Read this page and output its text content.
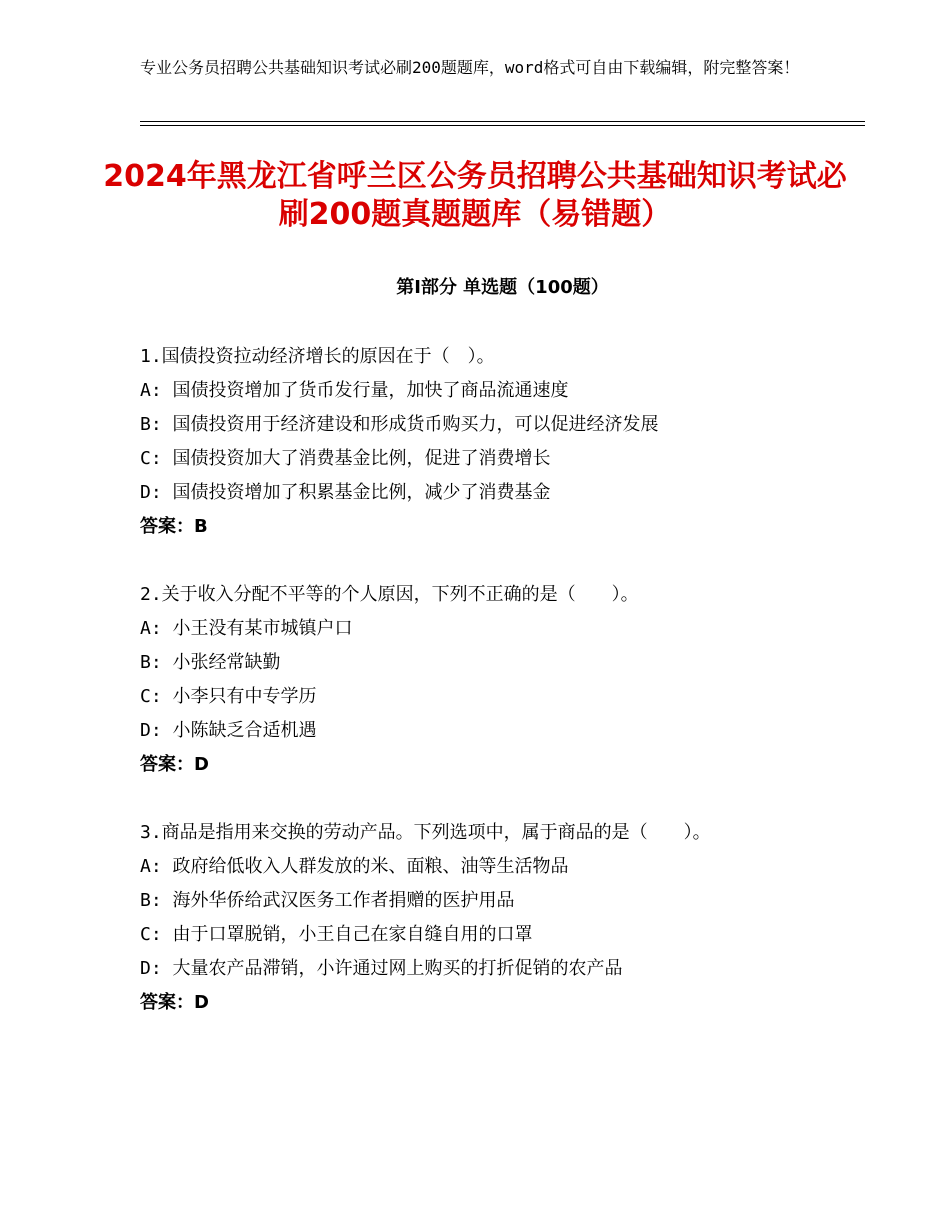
专业公务员招聘公共基础知识考试必刷200题题库，word格式可自由下载编辑，附完整答案！
2024年黑龙江省呼兰区公务员招聘公共基础知识考试必刷200题真题题库（易错题）
第Ⅰ部分 单选题（100题）
1.国债投资拉动经济增长的原因在于（　）。
A: 国债投资增加了货币发行量，加快了商品流通速度
B: 国债投资用于经济建设和形成货币购买力，可以促进经济发展
C: 国债投资加大了消费基金比例，促进了消费增长
D: 国债投资增加了积累基金比例，减少了消费基金
答案：B
2.关于收入分配不平等的个人原因，下列不正确的是（　　）。
A: 小王没有某市城镇户口
B: 小张经常缺勤
C: 小李只有中专学历
D: 小陈缺乏合适机遇
答案：D
3.商品是指用来交换的劳动产品。下列选项中，属于商品的是（　　）。
A: 政府给低收入人群发放的米、面粮、油等生活物品
B: 海外华侨给武汉医务工作者捐赠的医护用品
C: 由于口罩脱销，小王自己在家自缝自用的口罩
D: 大量农产品滞销，小许通过网上购买的打折促销的农产品
答案：D
